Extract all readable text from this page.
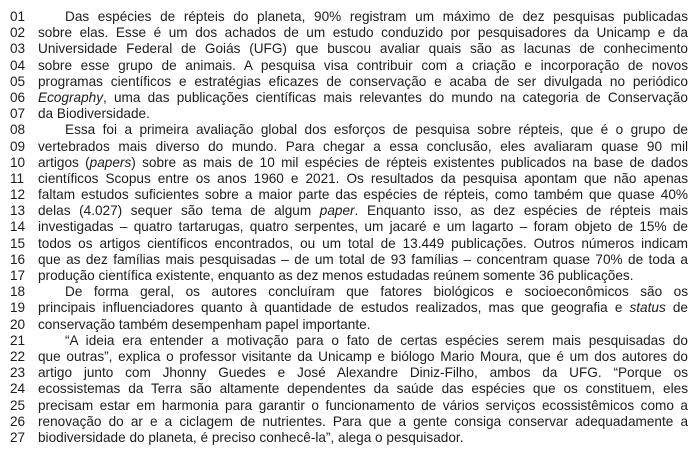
01	Das espécies de répteis do planeta, 90% registram um máximo de dez pesquisas publicadas
02 sobre elas. Esse é um dos achados de um estudo conduzido por pesquisadores da Unicamp e da
03 Universidade Federal de Goiás (UFG) que buscou avaliar quais são as lacunas de conhecimento
04 sobre esse grupo de animais. A pesquisa visa contribuir com a criação e incorporação de novos
05 programas científicos e estratégias eficazes de conservação e acaba de ser divulgada no periódico
06 Ecography, uma das publicações científicas mais relevantes do mundo na categoria de Conservação
07 da Biodiversidade.
08	Essa foi a primeira avaliação global dos esforços de pesquisa sobre répteis, que é o grupo de
09 vertebrados mais diverso do mundo. Para chegar a essa conclusão, eles avaliaram quase 90 mil
10 artigos (papers) sobre as mais de 10 mil espécies de répteis existentes publicados na base de dados
11	científicos Scopus entre os anos 1960 e 2021. Os resultados da pesquisa apontam que não apenas
12 faltam estudos suficientes sobre a maior parte das espécies de répteis, como também que quase 40%
13 delas (4.027) sequer são tema de algum paper. Enquanto isso, as dez espécies de répteis mais
14 investigadas – quatro tartarugas, quatro serpentes, um jacaré e um lagarto – foram objeto de 15% de
15 todos os artigos científicos encontrados, ou um total de 13.449 publicações. Outros números indicam
16 que as dez famílias mais pesquisadas – de um total de 93 famílias – concentram quase 70% de toda a
17 produção científica existente, enquanto as dez menos estudadas reúnem somente 36 publicações.
18	De forma geral, os autores concluíram que fatores biológicos e socioeconômicos são os
19 principais influenciadores quanto à quantidade de estudos realizados, mas que geografia e status de
20 conservação também desempenham papel importante.
21	“A ideia era entender a motivação para o fato de certas espécies serem mais pesquisadas do
22 que outras”, explica o professor visitante da Unicamp e biólogo Mario Moura, que é um dos autores do
23 artigo junto com Jhonny Guedes e José Alexandre Diniz-Filho, ambos da UFG. “Porque os
24 ecossistemas da Terra são altamente dependentes da saúde das espécies que os constituem, eles
25 precisam estar em harmonia para garantir o funcionamento de vários serviços ecossistêmicos como a
26 renovação do ar e a ciclagem de nutrientes. Para que a gente consiga conservar adequadamente a
27 biodiversidade do planeta, é preciso conhecê-la”, alega o pesquisador.
